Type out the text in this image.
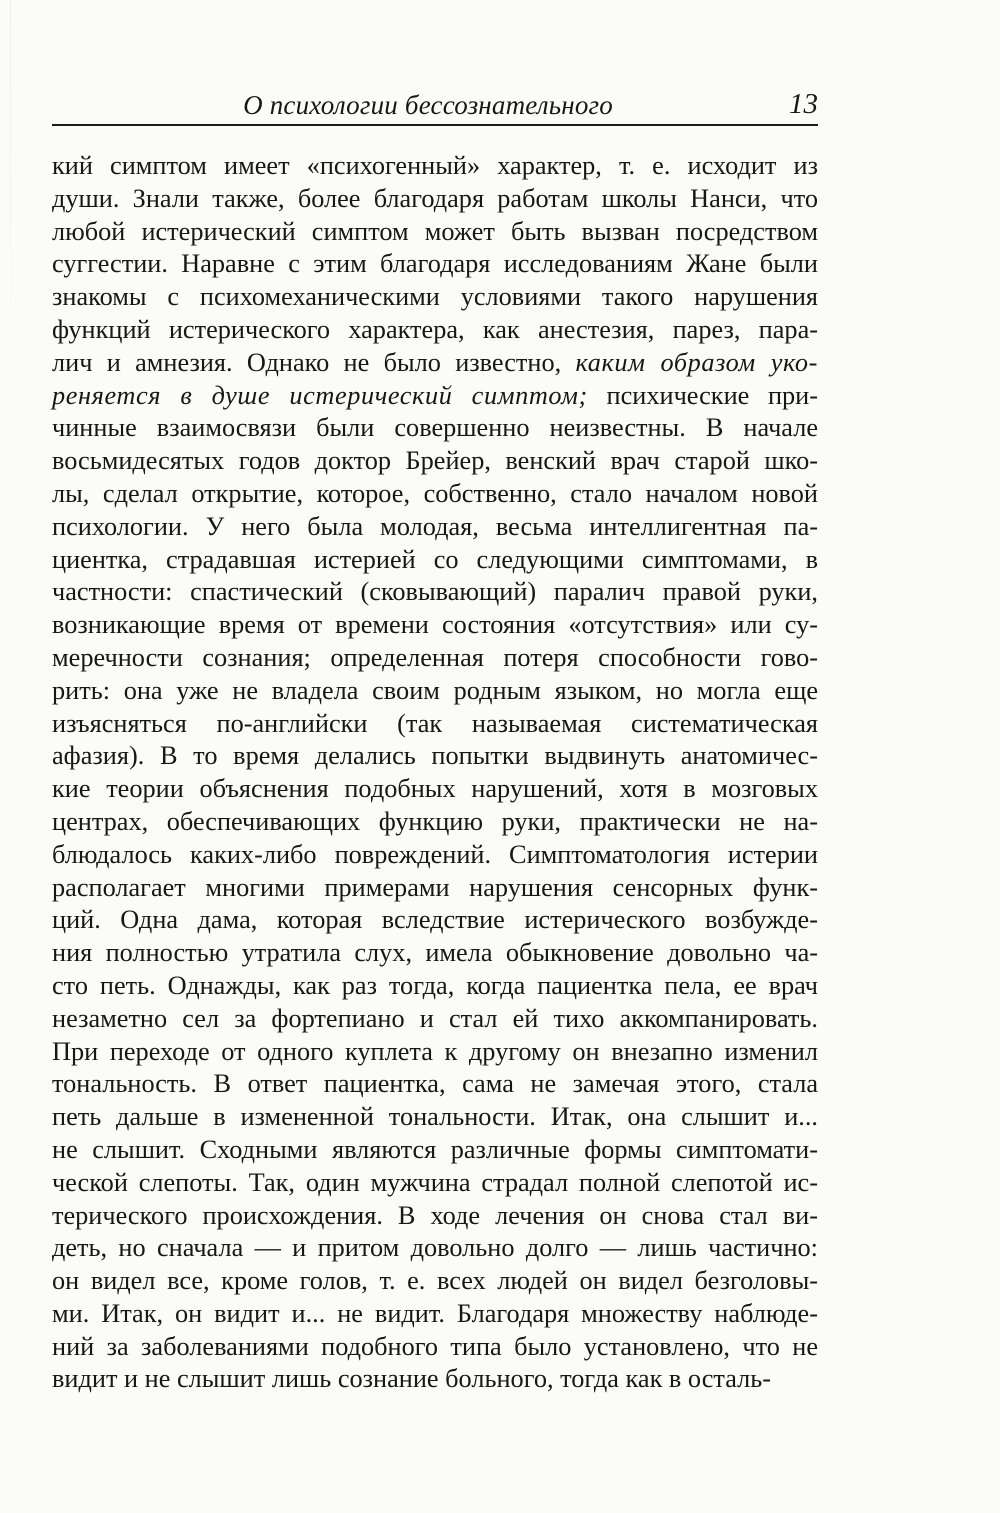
О психологии бессознательного	13
кий симптом имеет «психогенный» характер, т. е. исходит из
души. Знали также, более благодаря работам школы Нанси, что
любой истерический симптом может быть вызван посредством
суггестии. Наравне с этим благодаря исследованиям Жане были
знакомы с психомеханическими условиями такого нарушения
функций истерического характера, как анестезия, парез, пара-
лич и амнезия. Однако не было известно, каким образом уко-
реняется в душе истерический симптом; психические при-
чинные взаимосвязи были совершенно неизвестны. В начале
восьмидесятых годов доктор Брейер, венский врач старой шко-
лы, сделал открытие, которое, собственно, стало началом новой
психологии. У него была молодая, весьма интеллигентная па-
циентка, страдавшая истерией со следующими симптомами, в
частности: спастический (сковывающий) паралич правой руки,
возникающие время от времени состояния «отсутствия» или су-
меречности сознания; определенная потеря способности гово-
рить: она уже не владела своим родным языком, но могла еще
изъясняться по-английски (так называемая систематическая
афазия). В то время делались попытки выдвинуть анатомичес-
кие теории объяснения подобных нарушений, хотя в мозговых
центрах, обеспечивающих функцию руки, практически не на-
блюдалось каких-либо повреждений. Симптоматология истерии
располагает многими примерами нарушения сенсорных функ-
ций. Одна дама, которая вследствие истерического возбужде-
ния полностью утратила слух, имела обыкновение довольно ча-
сто петь. Однажды, как раз тогда, когда пациентка пела, ее врач
незаметно сел за фортепиано и стал ей тихо аккомпанировать.
При переходе от одного куплета к другому он внезапно изменил
тональность. В ответ пациентка, сама не замечая этого, стала
петь дальше в измененной тональности. Итак, она слышит и...
не слышит. Сходными являются различные формы симптомати-
ческой слепоты. Так, один мужчина страдал полной слепотой ис-
терического происхождения. В ходе лечения он снова стал ви-
деть, но сначала — и притом довольно долго — лишь частично:
он видел все, кроме голов, т. е. всех людей он видел безголовы-
ми. Итак, он видит и... не видит. Благодаря множеству наблюде-
ний за заболеваниями подобного типа было установлено, что не
видит и не слышит лишь сознание больного, тогда как в осталь-
